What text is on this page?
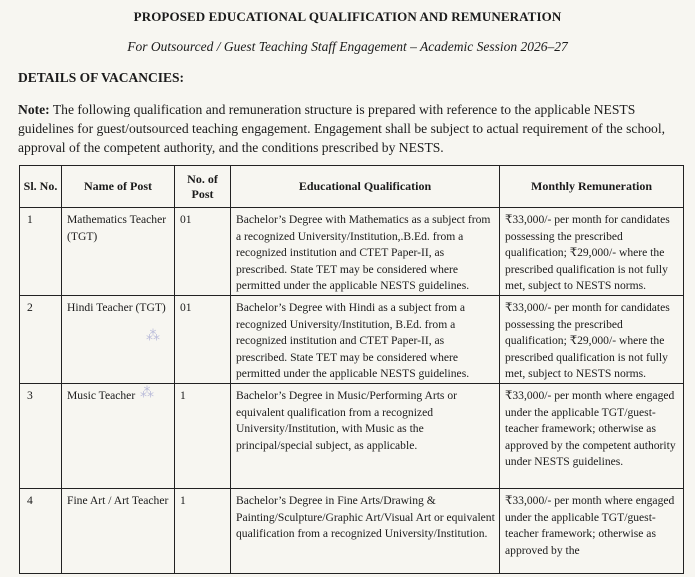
PROPOSED EDUCATIONAL QUALIFICATION AND REMUNERATION
For Outsourced / Guest Teaching Staff Engagement – Academic Session 2026–27
DETAILS OF VACANCIES:
Note: The following qualification and remuneration structure is prepared with reference to the applicable NESTS guidelines for guest/outsourced teaching engagement. Engagement shall be subject to actual requirement of the school, approval of the competent authority, and the conditions prescribed by NESTS.
Sl. No.	Name of Post	No. of Post	Educational Qualification	Monthly Remuneration
1	Mathematics Teacher (TGT)	01	Bachelor’s Degree with Mathematics as a subject from a recognized University/Institution,.B.Ed. from a recognized institution and CTET Paper-II, as prescribed. State TET may be considered where permitted under the applicable NESTS guidelines.	₹33,000/- per month for candidates possessing the prescribed qualification; ₹29,000/- where the prescribed qualification is not fully met, subject to NESTS norms.
2	Hindi Teacher (TGT)	01	Bachelor’s Degree with Hindi as a subject from a recognized University/Institution, B.Ed. from a recognized institution and CTET Paper-II, as prescribed. State TET may be considered where permitted under the applicable NESTS guidelines.	₹33,000/- per month for candidates possessing the prescribed qualification; ₹29,000/- where the prescribed qualification is not fully met, subject to NESTS norms.
3	Music Teacher	1	Bachelor’s Degree in Music/Performing Arts or equivalent qualification from a recognized University/Institution, with Music as the principal/special subject, as applicable.	₹33,000/- per month where engaged under the applicable TGT/guest-teacher framework; otherwise as approved by the competent authority under NESTS guidelines.
4	Fine Art / Art Teacher	1	Bachelor’s Degree in Fine Arts/Drawing & Painting/Sculpture/Graphic Art/Visual Art or equivalent qualification from a recognized University/Institution.	₹33,000/- per month where engaged under the applicable TGT/guest-teacher framework; otherwise as approved by the
⁂
⁂
